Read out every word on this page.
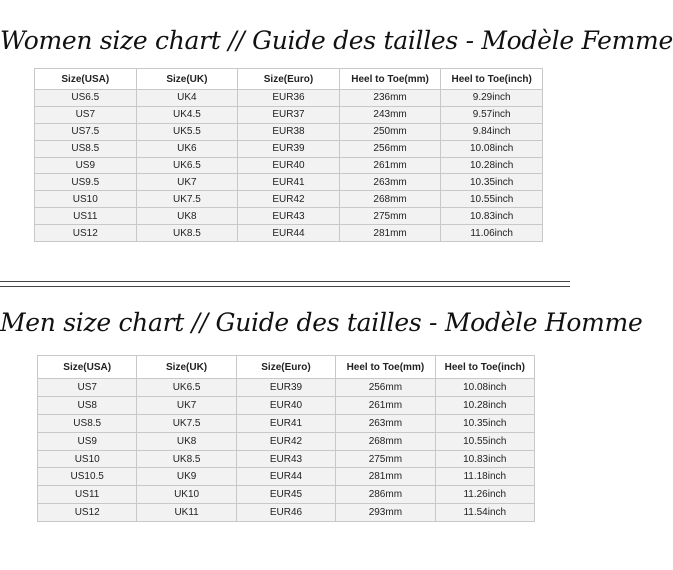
Women size chart // Guide des tailles - Modèle Femme
Size(USA)	Size(UK)	Size(Euro)	Heel to Toe(mm)	Heel to Toe(inch)
US6.5	UK4	EUR36	236mm	9.29inch
US7	UK4.5	EUR37	243mm	9.57inch
US7.5	UK5.5	EUR38	250mm	9.84inch
US8.5	UK6	EUR39	256mm	10.08inch
US9	UK6.5	EUR40	261mm	10.28inch
US9.5	UK7	EUR41	263mm	10.35inch
US10	UK7.5	EUR42	268mm	10.55inch
US11	UK8	EUR43	275mm	10.83inch
US12	UK8.5	EUR44	281mm	11.06inch
Men size chart // Guide des tailles - Modèle Homme
Size(USA)	Size(UK)	Size(Euro)	Heel to Toe(mm)	Heel to Toe(inch)
US7	UK6.5	EUR39	256mm	10.08inch
US8	UK7	EUR40	261mm	10.28inch
US8.5	UK7.5	EUR41	263mm	10.35inch
US9	UK8	EUR42	268mm	10.55inch
US10	UK8.5	EUR43	275mm	10.83inch
US10.5	UK9	EUR44	281mm	11.18inch
US11	UK10	EUR45	286mm	11.26inch
US12	UK11	EUR46	293mm	11.54inch
